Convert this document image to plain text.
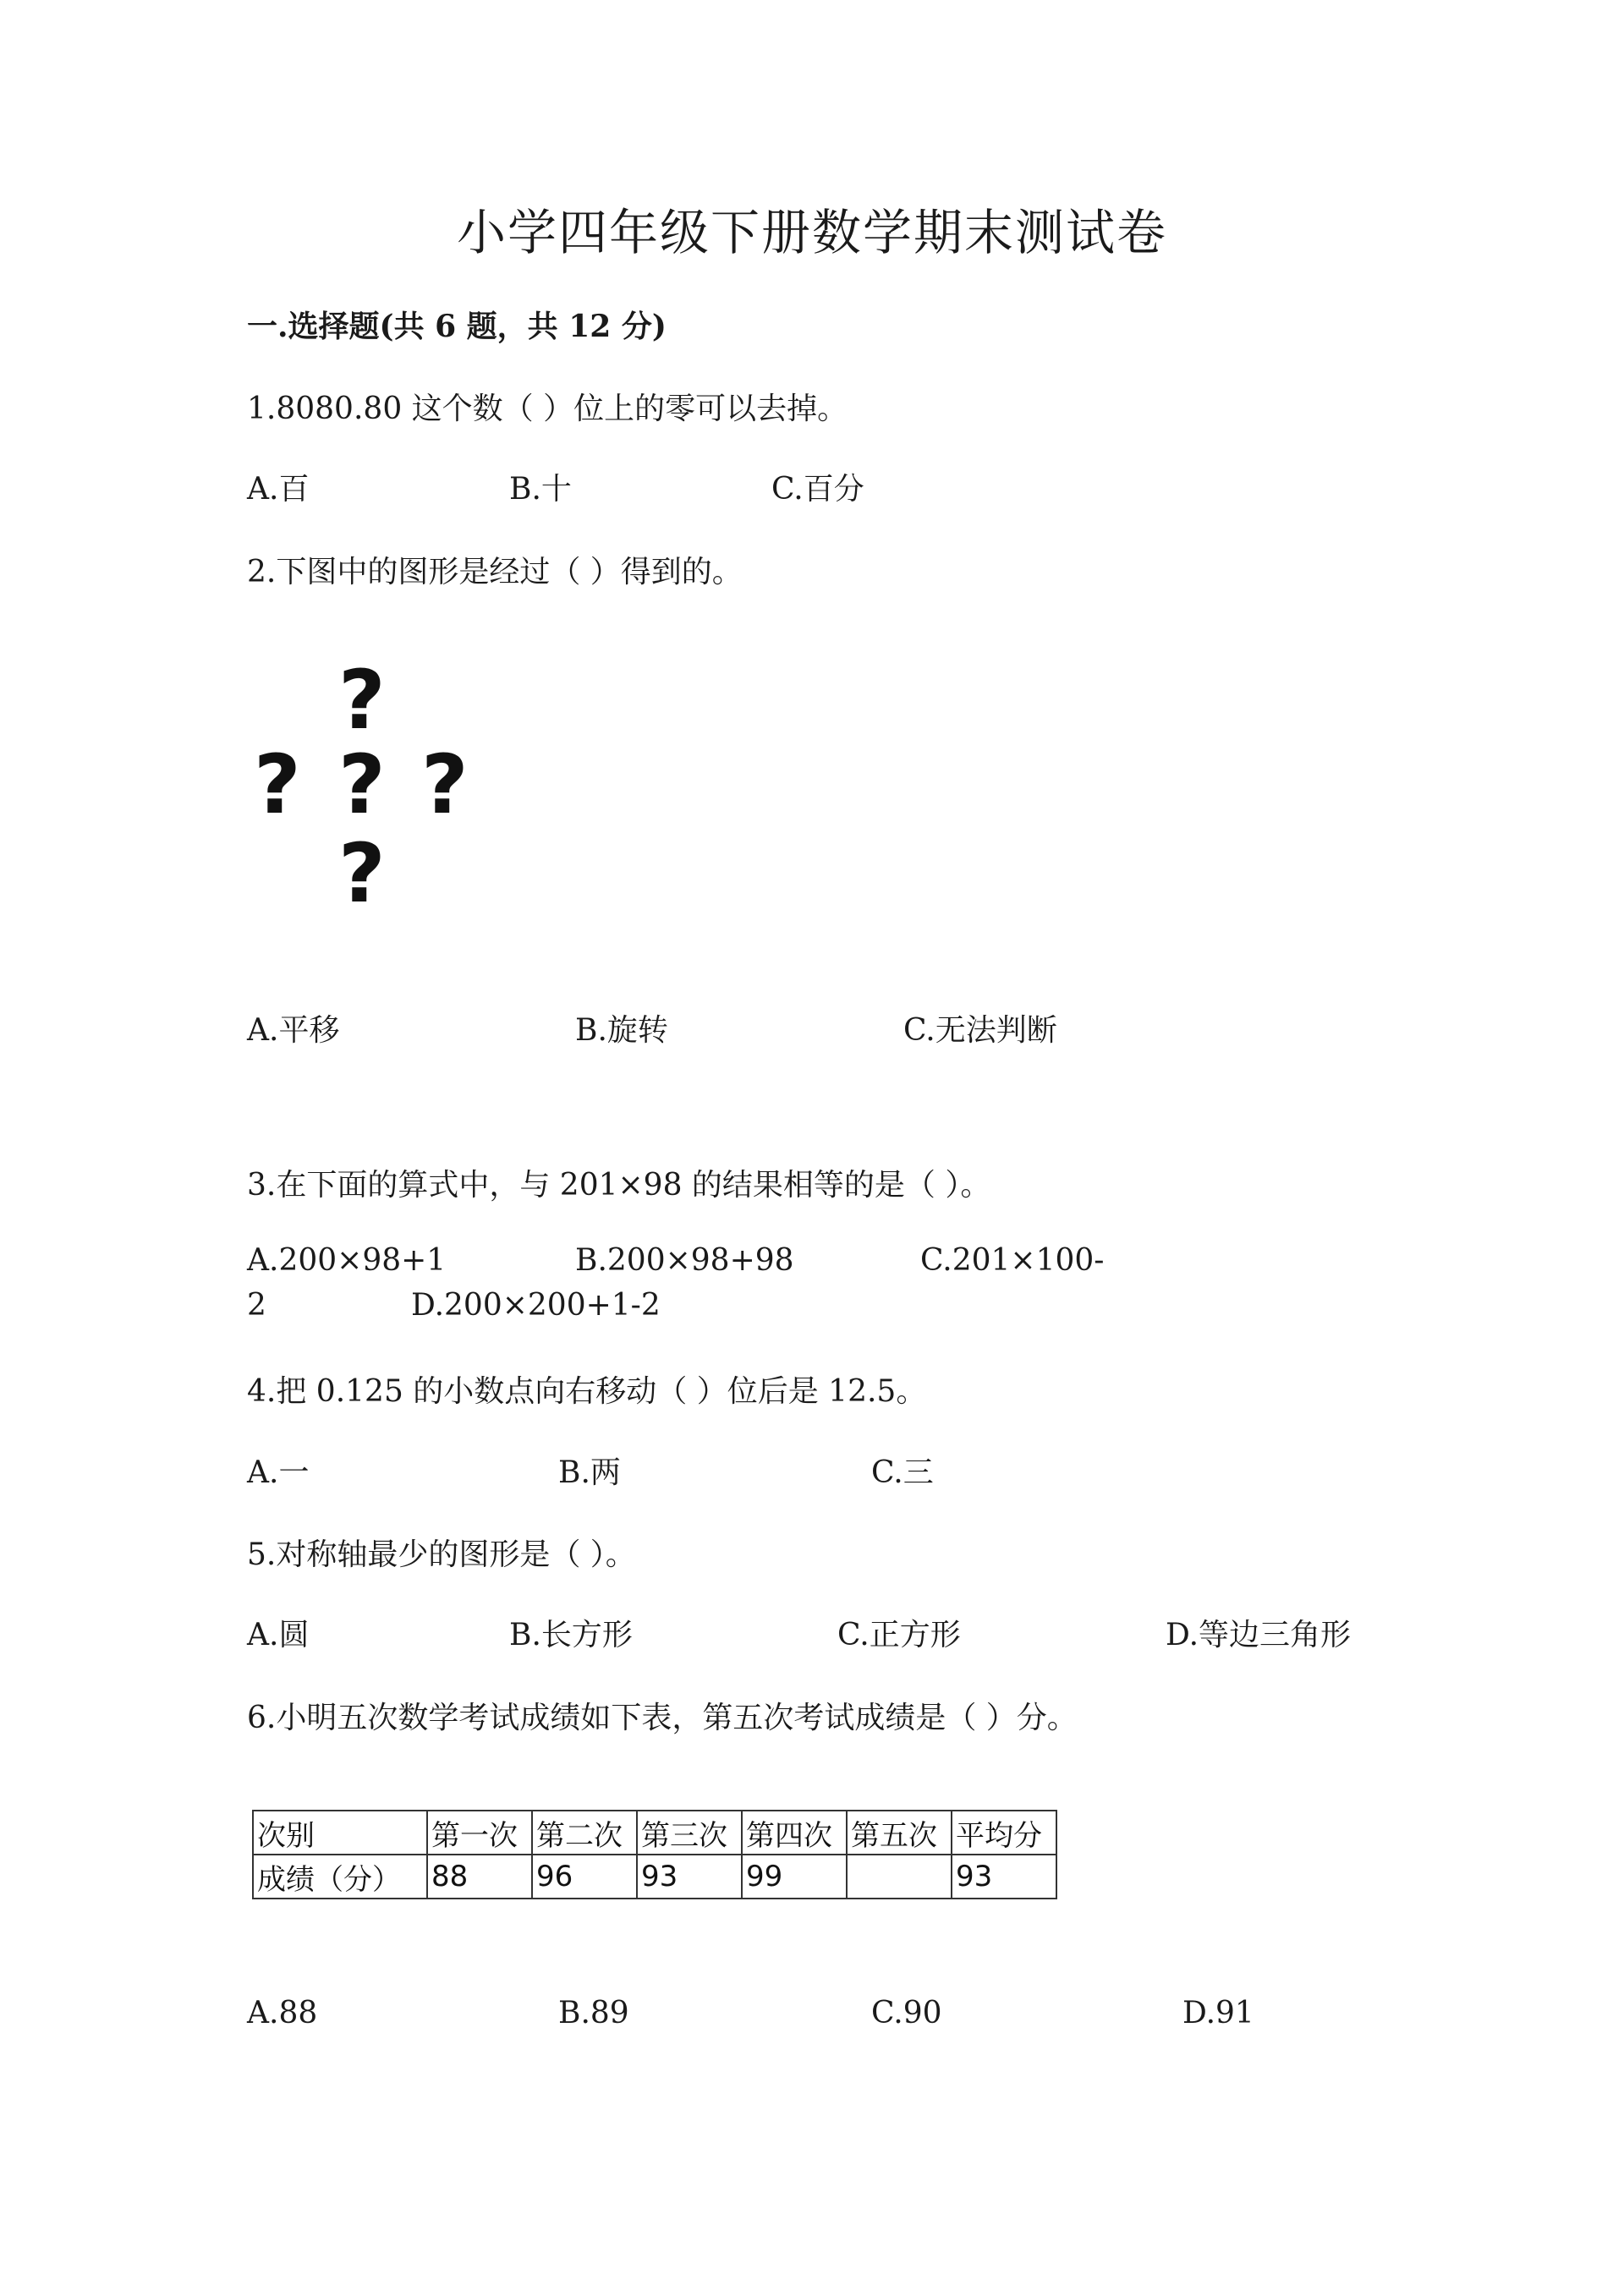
小学四年级下册数学期末测试卷
一.选择题(共 6 题，共 12 分)
1.8080.80 这个数（ ）位上的零可以去掉。
A.百	B.十	C.百分
2.下图中的图形是经过（ ）得到的。
?
? ? ?
?
A.平移	B.旋转	C.无法判断
3.在下面的算式中，与 201×98 的结果相等的是（ ）。
A.200×98+1	B.200×98+98	C.201×100-
2	D.200×200+1-2
4.把 0.125 的小数点向右移动（ ）位后是 12.5。
A.一	B.两	C.三
5.对称轴最少的图形是（ ）。
A.圆	B.长方形	C.正方形	D.等边三角形
6.小明五次数学考试成绩如下表，第五次考试成绩是（ ）分。
次别	第一次	第二次	第三次	第四次	第五次	平均分
成绩（分）	88	96	93	99		93
A.88	B.89	C.90	D.91
